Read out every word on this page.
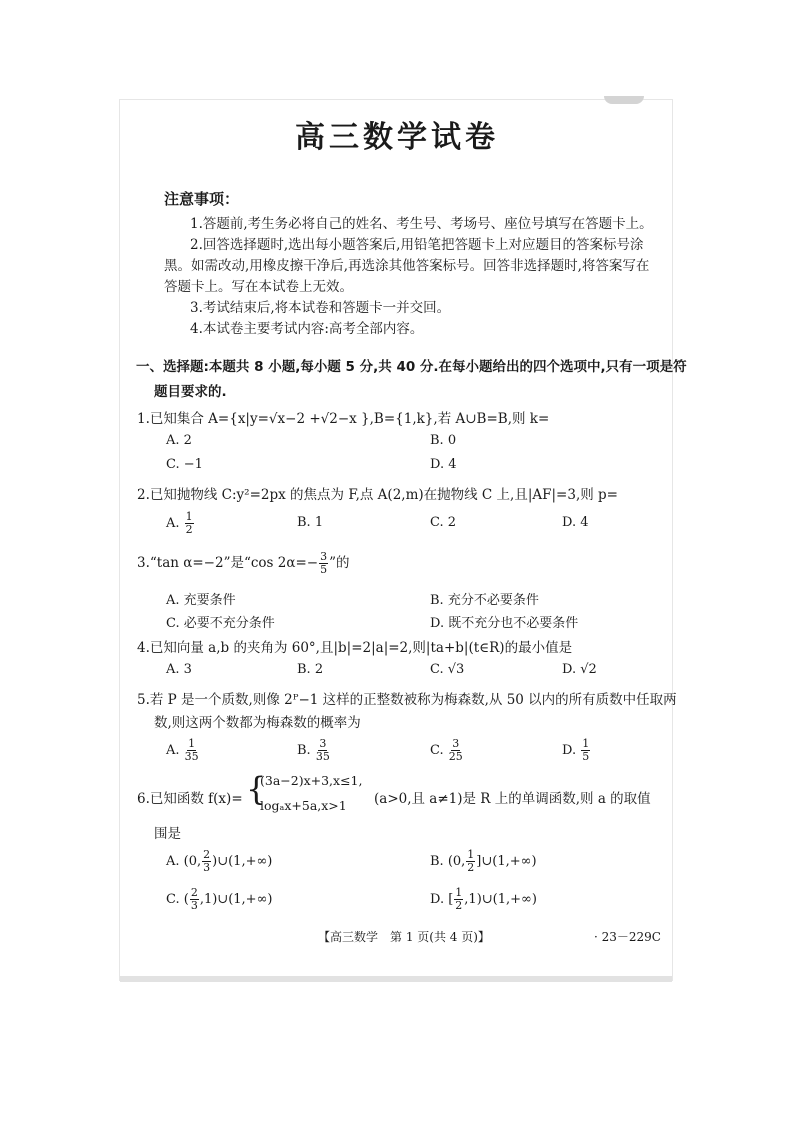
高三数学试卷
注意事项：
1.答题前,考生务必将自己的姓名、考生号、考场号、座位号填写在答题卡上。
2.回答选择题时,选出每小题答案后,用铅笔把答题卡上对应题目的答案标号涂
黑。如需改动,用橡皮擦干净后,再选涂其他答案标号。回答非选择题时,将答案写在
答题卡上。写在本试卷上无效。
3.考试结束后,将本试卷和答题卡一并交回。
4.本试卷主要考试内容:高考全部内容。
一、选择题:本题共 8 小题,每小题 5 分,共 40 分.在每小题给出的四个选项中,只有一项是符
题目要求的.
1.已知集合 A={x|y=√x−2 +√2−x },B={1,k},若 A∪B=B,则 k=
A. 2	B. 0
C. −1	D. 4
2.已知抛物线 C:y²=2px 的焦点为 F,点 A(2,m)在抛物线 C 上,且|AF|=3,则 p=
A. $\frac{1}{2}$	B. 1	C. 2	D. 4
3.“tan α=−2”是“cos $2\alpha=- \frac{3}{5}$ ”的
A. 充要条件	B. 充分不必要条件
C. 必要不充分条件	D. 既不充分也不必要条件
4.已知向量 a,b 的夹角为 60°,且|b|=2|a|=2,则|ta+b|(t∈R)的最小值是
A. 3	B. 2	C. √3	D. √2
5.若 P 是一个质数,则像 2ᴾ−1 这样的正整数被称为梅森数,从 50 以内的所有质数中任取两
数,则这两个数都为梅森数的概率为
A. $\frac{1}{35}$	B. $\frac{3}{35}$	C. $\frac{3}{25}$	D. $\frac{1}{5}$
6.已知函数 f(x)= {
(3a−2)x+3,x≤1,
logₐx+5a,x>1 (a>0,且 a≠1)是 R 上的单调函数,则 a 的取值
围是
A. (0, $\frac{2}{3}$ )∪(1,+∞)	B. (0, $\frac{1}{2}$ ]∪(1,+∞)
C. ( $\frac{2}{3}$ ,1)∪(1,+∞)	D. [ $\frac{1}{2}$ ,1)∪(1,+∞)
【高三数学　第 1 页(共 4 页)】	· 23－229C
